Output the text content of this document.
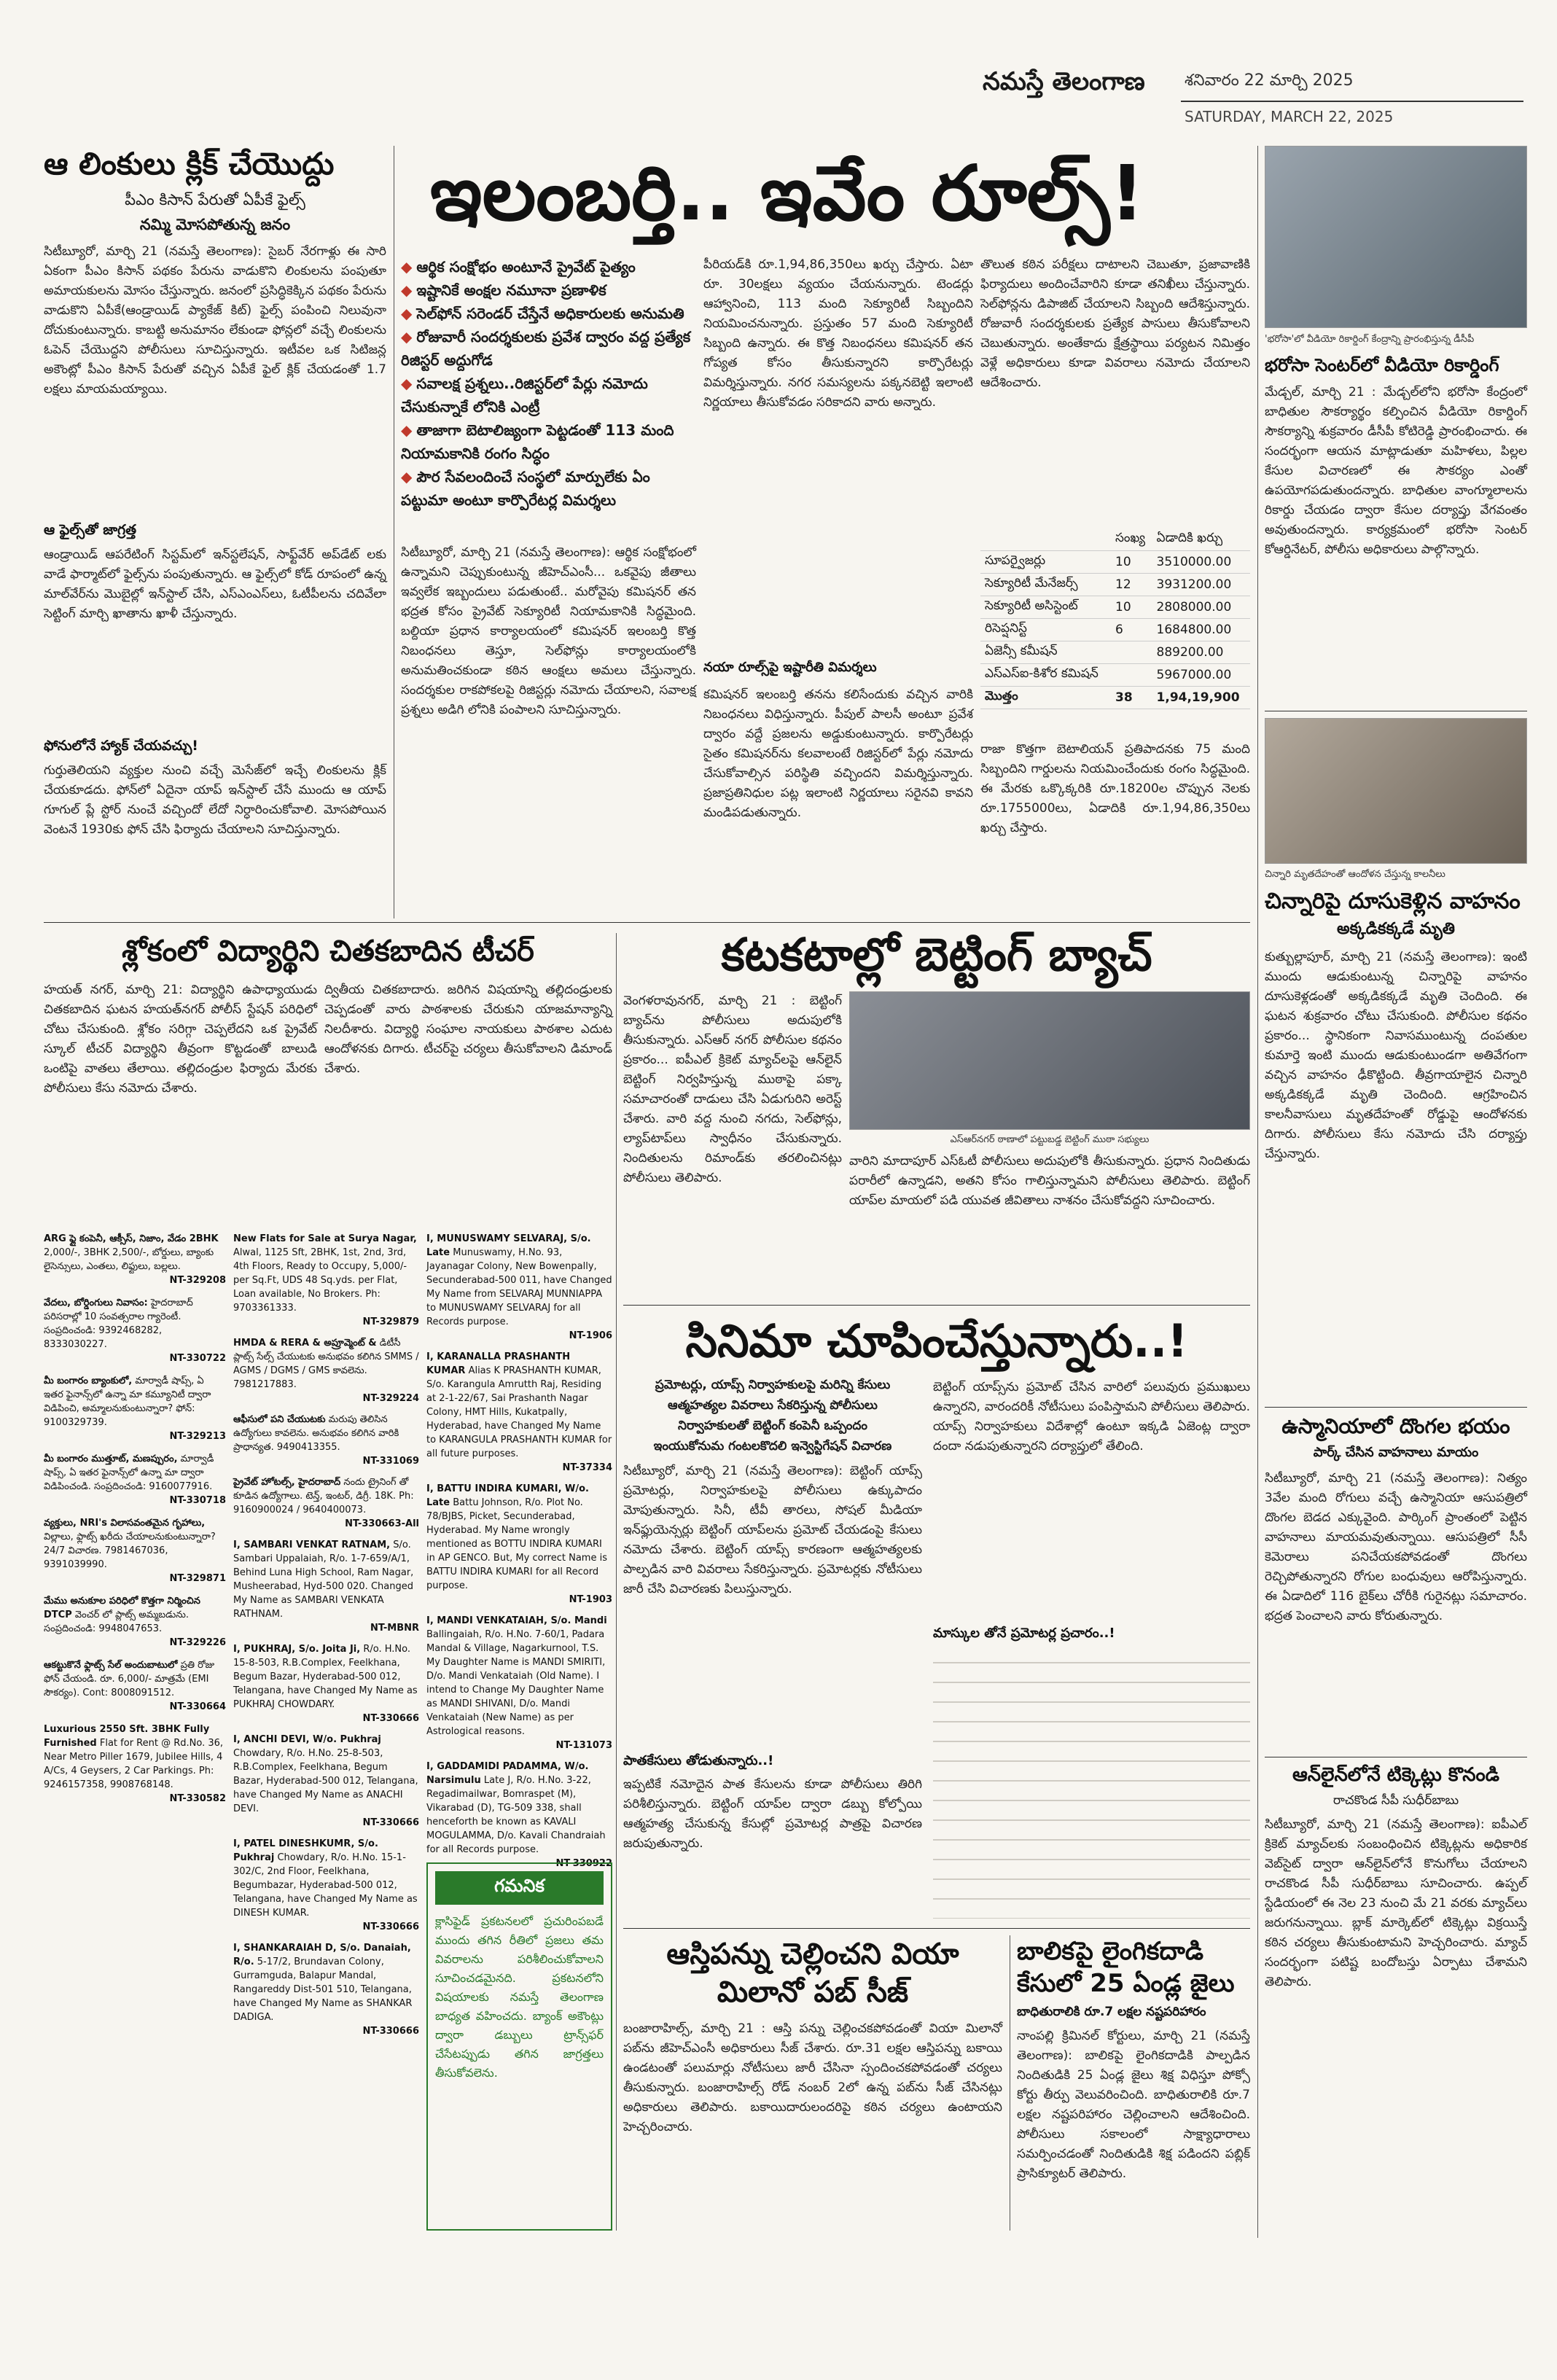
నమస్తే తెలంగాణ శనివారం 22 మార్చి 2025
SATURDAY, MARCH 22, 2025
ఆ లింకులు క్లిక్ చేయొద్దు
పీఎం కిసాన్ పేరుతో ఏపీకే ఫైల్స్
నమ్మి మోసపోతున్న జనం
సిటీబ్యూరో, మార్చి 21 (నమస్తే తెలంగాణ): సైబర్ నేరగాళ్లు ఈ సారి ఏకంగా పీఎం కిసాన్ పథకం పేరును వాడుకొని లింకులను పంపుతూ అమాయకులను మోసం చేస్తున్నారు. జనంలో ప్రసిద్ధికెక్కిన పథకం పేరును వాడుకొని ఏపీకే(ఆండ్రాయిడ్ ప్యాకేజ్ కిట్) ఫైల్స్ పంపించి నిలువునా దోచుకుంటున్నారు. కాబట్టి అనుమానం లేకుండా ఫోన్లలో వచ్చే లింకులను ఓపెన్ చేయొద్దని పోలీసులు సూచిస్తున్నారు. ఇటీవల ఒక సిటిజన్ల అకౌంట్లో పీఎం కిసాన్ పేరుతో వచ్చిన ఏపీకే ఫైల్ క్లిక్ చేయడంతో 1.7 లక్షలు మాయమయ్యాయి.
ఆ ఫైల్స్‌తో జాగ్రత్త
ఆండ్రాయిడ్ ఆపరేటింగ్ సిస్టమ్‌లో ఇన్‌స్టలేషన్, సాఫ్ట్‌వేర్ అప్‌డేట్ లకు వాడే ఫార్మాట్‌లో ఫైల్స్‌ను పంపుతున్నారు. ఆ ఫైల్స్‌లో కోడ్ రూపంలో ఉన్న మాల్‌వేర్‌ను మొబైల్లో ఇన్‌స్టాల్ చేసి, ఎస్ఎంఎస్‌లు, ఓటీపీలను చదివేలా సెట్టింగ్ మార్చి ఖాతాను ఖాళీ చేస్తున్నారు.
ఫోనులోనే హ్యాక్ చేయవచ్చు!
గుర్తుతెలియని వ్యక్తుల నుంచి వచ్చే మెసేజ్‌లో ఇచ్చే లింకులను క్లిక్ చేయకూడదు. ఫోన్‌లో ఏదైనా యాప్ ఇన్‌స్టాల్ చేసే ముందు ఆ యాప్ గూగుల్ ప్లే స్టోర్ నుంచే వచ్చిందో లేదో నిర్ధారించుకోవాలి. మోసపోయిన వెంటనే 1930కు ఫోన్ చేసి ఫిర్యాదు చేయాలని సూచిస్తున్నారు.
ఇలంబర్తి.. ఇవేం రూల్స్!
◆ ఆర్థిక సంక్షోభం అంటూనే ప్రైవేట్ పైత్యం
◆ ఇష్టానికే అంక్షల నమూనా ప్రణాళిక
◆ సెల్‌ఫోన్ సరెండర్ చేస్తేనే అధికారులకు అనుమతి
◆ రోజువారీ సందర్శకులకు ప్రవేశ ద్వారం వద్ద ప్రత్యేక రిజిస్టర్ అద్దుగోడ
◆ సవాలక్ష ప్రశ్నలు..రిజిస్టర్‌లో పేర్లు నమోదు చేసుకున్నాకే లోనికి ఎంట్రీ
◆ తాజాగా బెటాలిజ్యంగా పెట్టడంతో 113 మంది నియామకానికి రంగం సిద్ధం
◆ పౌర సేవలందించే సంస్థలో మార్పులేకు ఏం పట్టుమా అంటూ కార్పొరేటర్ల విమర్శలు
సిటీబ్యూరో, మార్చి 21 (నమస్తే తెలంగాణ): ఆర్థిక సంక్షోభంలో ఉన్నామని చెప్పుకుంటున్న జీహెచ్‌ఎంసీ... ఒకవైపు జీతాలు ఇవ్వలేక ఇబ్బందులు పడుతుంటే.. మరోవైపు కమిషనర్ తన భద్రత కోసం ప్రైవేట్ సెక్యూరిటీ నియామకానికి సిద్ధమైంది. బల్దియా ప్రధాన కార్యాలయంలో కమిషనర్ ఇలంబర్తి కొత్త నిబంధనలు తెస్తూ, సెల్‌ఫోన్లు కార్యాలయంలోకి అనుమతించకుండా కఠిన ఆంక్షలు అమలు చేస్తున్నారు. సందర్శకుల రాకపోకలపై రిజిస్టర్లు నమోదు చేయాలని, సవాలక్ష ప్రశ్నలు అడిగి లోనికి పంపాలని సూచిస్తున్నారు.
పీరియడ్‌కి రూ.1,94,86,350లు ఖర్చు చేస్తారు. ఏటా రూ. 30లక్షలు వ్యయం చేయనున్నారు. టెండర్లు ఆహ్వానించి, 113 మంది సెక్యూరిటీ సిబ్బందిని నియమించనున్నారు. ప్రస్తుతం 57 మంది సెక్యూరిటీ సిబ్బంది ఉన్నారు. ఈ కొత్త నిబంధనలు కమిషనర్ తన గోప్యత కోసం తీసుకున్నారని కార్పొరేటర్లు విమర్శిస్తున్నారు. నగర సమస్యలను పక్కనబెట్టి ఇలాంటి నిర్ణయాలు తీసుకోవడం సరికాదని వారు అన్నారు.
నయా రూల్స్‌పై ఇష్టారీతి విమర్శలు
కమిషనర్ ఇలంబర్తి తనను కలిసేందుకు వచ్చిన వారికి నిబంధనలు విధిస్తున్నారు. పీపుల్ పాలసీ అంటూ ప్రవేశ ద్వారం వద్దే ప్రజలను అడ్డుకుంటున్నారు. కార్పొరేటర్లు సైతం కమిషనర్‌ను కలవాలంటే రిజిస్టర్‌లో పేర్లు నమోదు చేసుకోవాల్సిన పరిస్థితి వచ్చిందని విమర్శిస్తున్నారు. ప్రజాప్రతినిధుల పట్ల ఇలాంటి నిర్ణయాలు సరైనవి కావని మండిపడుతున్నారు.
తొలుత కఠిన పరీక్షలు దాటాలని చెబుతూ, ప్రజావాణికి ఫిర్యాదులు అందించేవారిని కూడా తనిఖీలు చేస్తున్నారు. సెల్‌ఫోన్లను డిపాజిట్ చేయాలని సిబ్బంది ఆదేశిస్తున్నారు. రోజువారీ సందర్శకులకు ప్రత్యేక పాసులు తీసుకోవాలని చెబుతున్నారు. అంతేకాదు క్షేత్రస్థాయి పర్యటన నిమిత్తం వెళ్లే అధికారులు కూడా వివరాలు నమోదు చేయాలని ఆదేశించారు.
	సంఖ్య	ఏడాదికి ఖర్చు
సూపర్వైజర్లు	10	3510000.00
సెక్యూరిటీ మేనేజర్స్	12	3931200.00
సెక్యూరిటీ అసిస్టెంట్	10	2808000.00
రిసెప్షనిస్ట్	6	1684800.00
ఏజెన్సీ కమీషన్		889200.00
ఎస్ఎస్ఐ-కిశోర కమిషన్		5967000.00
మొత్తం	38	1,94,19,900
రాజా కొత్తగా బెటాలియన్ ప్రతిపాదనకు 75 మంది సిబ్బందిని గార్డులను నియమించేందుకు రంగం సిద్ధమైంది. ఈ మేరకు ఒక్కొక్కరికి రూ.18200ల చొప్పున నెలకు రూ.1755000లు, ఏడాదికి రూ.1,94,86,350లు ఖర్చు చేస్తారు.
'భరోసా'లో వీడియో రికార్డింగ్ కేంద్రాన్ని ప్రారంభిస్తున్న డీసీపీ
భరోసా సెంటర్‌లో వీడియో రికార్డింగ్
మేడ్చల్, మార్చి 21 : మేడ్చల్‌లోని భరోసా కేంద్రంలో బాధితుల సౌకర్యార్థం కల్పించిన వీడియో రికార్డింగ్ సౌకర్యాన్ని శుక్రవారం డీసీపీ కోటిరెడ్డి ప్రారంభించారు. ఈ సందర్భంగా ఆయన మాట్లాడుతూ మహిళలు, పిల్లల కేసుల విచారణలో ఈ సౌకర్యం ఎంతో ఉపయోగపడుతుందన్నారు. బాధితుల వాంగ్మూలాలను రికార్డు చేయడం ద్వారా కేసుల దర్యాప్తు వేగవంతం అవుతుందన్నారు. కార్యక్రమంలో భరోసా సెంటర్ కోఆర్డినేటర్, పోలీసు అధికారులు పాల్గొన్నారు.
చిన్నారి మృతదేహంతో ఆందోళన చేస్తున్న కాలనీలు
చిన్నారిపై దూసుకెళ్లిన వాహనం
అక్కడికక్కడే మృతి
కుత్బుల్లాపూర్, మార్చి 21 (నమస్తే తెలంగాణ): ఇంటి ముందు ఆడుకుంటున్న చిన్నారిపై వాహనం దూసుకెళ్లడంతో అక్కడికక్కడే మృతి చెందింది. ఈ ఘటన శుక్రవారం చోటు చేసుకుంది. పోలీసుల కథనం ప్రకారం... స్థానికంగా నివాసముంటున్న దంపతుల కుమార్తె ఇంటి ముందు ఆడుకుంటుండగా అతివేగంగా వచ్చిన వాహనం ఢీకొట్టింది. తీవ్రగాయాలైన చిన్నారి అక్కడికక్కడే మృతి చెందింది. ఆగ్రహించిన కాలనీవాసులు మృతదేహంతో రోడ్డుపై ఆందోళనకు దిగారు. పోలీసులు కేసు నమోదు చేసి దర్యాప్తు చేస్తున్నారు.
ఉస్మానియాలో దొంగల భయం
పార్క్ చేసిన వాహనాలు మాయం
సిటీబ్యూరో, మార్చి 21 (నమస్తే తెలంగాణ): నిత్యం 3వేల మంది రోగులు వచ్చే ఉస్మానియా ఆసుపత్రిలో దొంగల బెడద ఎక్కువైంది. పార్కింగ్ ప్రాంతంలో పెట్టిన వాహనాలు మాయమవుతున్నాయి. ఆసుపత్రిలో సీసీ కెమెరాలు పనిచేయకపోవడంతో దొంగలు రెచ్చిపోతున్నారని రోగుల బంధువులు ఆరోపిస్తున్నారు. ఈ ఏడాదిలో 116 బైక్‌లు చోరీకి గురైనట్లు సమాచారం. భద్రత పెంచాలని వారు కోరుతున్నారు.
ఆన్‌లైన్‌లోనే టిక్కెట్లు కొనండి
రాచకొండ సీపీ సుధీర్‌బాబు
సిటీబ్యూరో, మార్చి 21 (నమస్తే తెలంగాణ): ఐపీఎల్ క్రికెట్ మ్యాచ్‌లకు సంబంధించిన టిక్కెట్లను అధికారిక వెబ్‌సైట్ ద్వారా ఆన్‌లైన్‌లోనే కొనుగోలు చేయాలని రాచకొండ సీపీ సుధీర్‌బాబు సూచించారు. ఉప్పల్ స్టేడియంలో ఈ నెల 23 నుంచి మే 21 వరకు మ్యాచ్‌లు జరుగనున్నాయి. బ్లాక్ మార్కెట్‌లో టిక్కెట్లు విక్రయిస్తే కఠిన చర్యలు తీసుకుంటామని హెచ్చరించారు. మ్యాచ్ సందర్భంగా పటిష్ట బందోబస్తు ఏర్పాటు చేశామని తెలిపారు.
శ్లోకంలో విద్యార్థిని చితకబాదిన టీచర్
హయత్ నగర్, మార్చి 21: విద్యార్థిని ఉపాధ్యాయుడు చితకబాదిన ఘటన హయత్‌నగర్ పోలీస్ స్టేషన్ పరిధిలో చోటు చేసుకుంది. శ్లోకం సరిగ్గా చెప్పలేదని ఒక ప్రైవేట్ స్కూల్ టీచర్ విద్యార్థిని తీవ్రంగా కొట్టడంతో బాలుడి ఒంటిపై వాతలు తేలాయి. తల్లిదండ్రుల ఫిర్యాదు మేరకు పోలీసులు కేసు నమోదు చేశారు.
ద్వితీయ చితకబాదారు. జరిగిన విషయాన్ని తల్లిదండ్రులకు చెప్పడంతో వారు పాఠశాలకు చేరుకుని యాజమాన్యాన్ని నిలదీశారు. విద్యార్థి సంఘాల నాయకులు పాఠశాల ఎదుట ఆందోళనకు దిగారు. టీచర్‌పై చర్యలు తీసుకోవాలని డిమాండ్ చేశారు.
కటకటాల్లో బెట్టింగ్ బ్యాచ్
వెంగళరావునగర్, మార్చి 21 : బెట్టింగ్ బ్యాచ్‌ను పోలీసులు అదుపులోకి తీసుకున్నారు. ఎస్‌ఆర్ నగర్ పోలీసుల కథనం ప్రకారం... ఐపీఎల్ క్రికెట్ మ్యాచ్‌లపై ఆన్‌లైన్ బెట్టింగ్ నిర్వహిస్తున్న ముఠాపై పక్కా సమాచారంతో దాడులు చేసి ఏడుగురిని అరెస్ట్ చేశారు. వారి వద్ద నుంచి నగదు, సెల్‌ఫోన్లు, ల్యాప్‌టాప్‌లు స్వాధీనం చేసుకున్నారు. నిందితులను రిమాండ్‌కు తరలించినట్లు పోలీసులు తెలిపారు.
ఎస్ఆర్‌నగర్ ఠాణాలో పట్టుబడ్డ బెట్టింగ్ ముఠా సభ్యులు
వారిని మాదాపూర్ ఎస్ఓటీ పోలీసులు అదుపులోకి తీసుకున్నారు. ప్రధాన నిందితుడు పరారీలో ఉన్నాడని, అతని కోసం గాలిస్తున్నామని పోలీసులు తెలిపారు. బెట్టింగ్ యాప్‌ల మాయలో పడి యువత జీవితాలు నాశనం చేసుకోవద్దని సూచించారు.
సినిమా చూపించేస్తున్నారు..!
ప్రమోటర్లు, యాప్స్ నిర్వాహకులపై మరిన్ని కేసులు
ఆత్మహత్యల వివరాలు సేకరిస్తున్న పోలీసులు
నిర్వాహకులతో బెట్టింగ్ కంపెనీ ఒప్పందం
ఇంయుకోనుమ గంటలకొదలి ఇన్వెస్టిగేషన్ విచారణ
సిటీబ్యూరో, మార్చి 21 (నమస్తే తెలంగాణ): బెట్టింగ్ యాప్స్ ప్రమోటర్లు, నిర్వాహకులపై పోలీసులు ఉక్కుపాదం మోపుతున్నారు. సినీ, టీవీ తారలు, సోషల్ మీడియా ఇన్‌ఫ్లుయెన్సర్లు బెట్టింగ్ యాప్‌లను ప్రమోట్ చేయడంపై కేసులు నమోదు చేశారు. బెట్టింగ్ యాప్స్ కారణంగా ఆత్మహత్యలకు పాల్పడిన వారి వివరాలు సేకరిస్తున్నారు. ప్రమోటర్లకు నోటీసులు జారీ చేసి విచారణకు పిలుస్తున్నారు.
పాతకేసులు తోడుతున్నారు..!
ఇప్పటికే నమోదైన పాత కేసులను కూడా పోలీసులు తిరిగి పరిశీలిస్తున్నారు. బెట్టింగ్ యాప్‌ల ద్వారా డబ్బు కోల్పోయి ఆత్మహత్య చేసుకున్న కేసుల్లో ప్రమోటర్ల పాత్రపై విచారణ జరుపుతున్నారు.
బెట్టింగ్ యాప్స్‌ను ప్రమోట్ చేసిన వారిలో పలువురు ప్రముఖులు ఉన్నారని, వారందరికీ నోటీసులు పంపిస్తామని పోలీసులు తెలిపారు. యాప్స్ నిర్వాహకులు విదేశాల్లో ఉంటూ ఇక్కడి ఏజెంట్ల ద్వారా దందా నడుపుతున్నారని దర్యాప్తులో తేలింది.
మాస్కుల తోనే ప్రమోటర్ల ప్రచారం..!
ARG ఫ్లై కంపెనీ, ఆక్సీస్, నిజాం, వేడం 2BHK 2,000/-, 3BHK 2,500/-, బోర్డులు, బ్యాంకు లైసెన్సులు, ఎంతలు, లిఫ్టులు, బల్లలు.
NT-329208
వేదలు, బోర్డింగులు నివాసం: హైదరాబాద్ పరిసరాల్లో 10 సంవత్సరాల గ్యారెంటీ. సంప్రదించండి: 9392468282, 8333030227.
NT-330722
మీ బంగారం బ్యాంకులో, మార్వాడీ షాప్స్, ఏ ఇతర ఫైనాన్స్‌లో ఉన్నా మా కమ్యూనిటీ ద్వారా విడిపించి, అమ్మాలనుకుంటున్నారా? ఫోన్: 9100329739.
NT-329213
మీ బంగారం ముత్తూట్, మణప్పురం, మార్వాడీ షాప్స్, ఏ ఇతర ఫైనాన్స్‌లో ఉన్నా మా ద్వారా విడిపించండి. సంప్రదించండి: 9160077916.
NT-330718
వ్యక్తులు, NRI's విలాసవంతమైన గృహాలు, విల్లాలు, ఫ్లాట్స్ ఖరీదు చేయాలనుకుంటున్నారా? 24/7 విచారణ. 7981467036, 9391039990.
NT-329871
మేము అనుకూల పరిధిలో కొత్తగా నిర్మించిన DTCP వెంచర్ లో ప్లాట్స్ అమ్మబడును. సంప్రదించండి: 9948047653.
NT-329226
ఆకట్టుకొనే ఫ్లాట్స్ సేల్ అందుబాటులో ప్రతి రోజు ఫోన్ చేయండి. రూ. 6,000/- మాత్రమే (EMI సౌకర్యం). Cont: 8008091512.
NT-330664
Luxurious 2550 Sft. 3BHK Fully Furnished Flat for Rent @ Rd.No. 36, Near Metro Piller 1679, Jubilee Hills, 4 A/Cs, 4 Geysers, 2 Car Parkings. Ph: 9246157358, 9908768148.
NT-330582
New Flats for Sale at Surya Nagar, Alwal, 1125 Sft, 2BHK, 1st, 2nd, 3rd, 4th Floors, Ready to Occupy, 5,000/- per Sq.Ft, UDS 48 Sq.yds. per Flat, Loan available, No Brokers. Ph: 9703361333.
NT-329879
HMDA & RERA & అప్రూవ్మెంట్ & డిటీసీ ప్లాట్స్ సేల్స్ చేయుటకు అనుభవం కలిగిన SMMS / AGMS / DGMS / GMS కావలెను. 7981217883.
NT-329224
ఆఫీసులో పని చేయుటకు మరుపు తెలిసిన ఉద్యోగులు కావలెను. అనుభవం కలిగిన వారికి ప్రాధాన్యత. 9490413355.
NT-331069
ప్రైవేట్ హోటల్స్, హైదరాబాద్ నందు ట్రైనింగ్ తో కూడిన ఉద్యోగాలు. టెన్త్, ఇంటర్, డిగ్రీ. 18K. Ph: 9160900024 / 9640400073.
NT-330663-All
I, SAMBARI VENKAT RATNAM, S/o. Sambari Uppalaiah, R/o. 1-7-659/A/1, Behind Luna High School, Ram Nagar, Musheerabad, Hyd-500 020. Changed My Name as SAMBARI VENKATA RATHNAM.
NT-MBNR
I, PUKHRAJ, S/o. Joita Ji, R/o. H.No. 15-8-503, R.B.Complex, Feelkhana, Begum Bazar, Hyderabad-500 012, Telangana, have Changed My Name as PUKHRAJ CHOWDARY.
NT-330666
I, ANCHI DEVI, W/o. Pukhraj Chowdary, R/o. H.No. 25-8-503, R.B.Complex, Feelkhana, Begum Bazar, Hyderabad-500 012, Telangana, have Changed My Name as ANACHI DEVI.
NT-330666
I, PATEL DINESHKUMR, S/o. Pukhraj Chowdary, R/o. H.No. 15-1-302/C, 2nd Floor, Feelkhana, Begumbazar, Hyderabad-500 012, Telangana, have Changed My Name as DINESH KUMAR.
NT-330666
I, SHANKARAIAH D, S/o. Danaiah, R/o. 5-17/2, Brundavan Colony, Gurramguda, Balapur Mandal, Rangareddy Dist-501 510, Telangana, have Changed My Name as SHANKAR DADIGA.
NT-330666
I, MUNUSWAMY SELVARAJ, S/o. Late Munuswamy, H.No. 93, Jayanagar Colony, New Bowenpally, Secunderabad-500 011, have Changed My Name from SELVARAJ MUNNIAPPA to MUNUSWAMY SELVARAJ for all Records purpose.
NT-1906
I, KARANALLA PRASHANTH KUMAR Alias K PRASHANTH KUMAR, S/o. Karangula Amrutth Raj, Residing at 2-1-22/67, Sai Prashanth Nagar Colony, HMT Hills, Kukatpally, Hyderabad, have Changed My Name to KARANGULA PRASHANTH KUMAR for all future purposes.
NT-37334
I, BATTU INDIRA KUMARI, W/o. Late Battu Johnson, R/o. Plot No. 78/BJBS, Picket, Secunderabad, Hyderabad. My Name wrongly mentioned as BOTTU INDIRA KUMARI in AP GENCO. But, My correct Name is BATTU INDIRA KUMARI for all Record purpose.
NT-1903
I, MANDI VENKATAIAH, S/o. Mandi Ballingaiah, R/o. H.No. 7-60/1, Padara Mandal & Village, Nagarkurnool, T.S. My Daughter Name is MANDI SMIRITI, D/o. Mandi Venkataiah (Old Name). I intend to Change My Daughter Name as MANDI SHIVANI, D/o. Mandi Venkataiah (New Name) as per Astrological reasons.
NT-131073
I, GADDAMIDI PADAMMA, W/o. Narsimulu Late J, R/o. H.No. 3-22, Regadimailwar, Bomraspet (M), Vikarabad (D), TG-509 338, shall henceforth be known as KAVALI MOGULAMMA, D/o. Kavali Chandraiah for all Records purpose.
NT-330922
గమనిక
క్లాసిఫైడ్ ప్రకటనలలో ప్రచురింపబడే ముందు తగిన రీతిలో ప్రజలు తమ వివరాలను పరిశీలించుకోవాలని సూచించడమైనది. ప్రకటనలోని విషయాలకు నమస్తే తెలంగాణ బాధ్యత వహించదు. బ్యాంక్ అకౌంట్లు ద్వారా డబ్బులు ట్రాన్స్‌ఫర్ చేసేటప్పుడు తగిన జాగ్రత్తలు తీసుకోవలెను.
ఆస్తిపన్ను చెల్లించని వియా మిలానో పబ్ సీజ్
బంజారాహిల్స్, మార్చి 21 : ఆస్తి పన్ను చెల్లించకపోవడంతో వియా మిలానో పబ్‌ను జీహెచ్‌ఎంసీ అధికారులు సీజ్ చేశారు. రూ.31 లక్షల ఆస్తిపన్ను బకాయి ఉండటంతో పలుమార్లు నోటీసులు జారీ చేసినా స్పందించకపోవడంతో చర్యలు తీసుకున్నారు. బంజారాహిల్స్ రోడ్ నంబర్ 2లో ఉన్న పబ్‌ను సీజ్ చేసినట్లు అధికారులు తెలిపారు. బకాయిదారులందరిపై కఠిన చర్యలు ఉంటాయని హెచ్చరించారు.
బాలికపై లైంగికదాడి కేసులో 25 ఏండ్ల జైలు
బాధితురాలికి రూ.7 లక్షల నష్టపరిహారం
నాంపల్లి క్రిమినల్ కోర్టులు, మార్చి 21 (నమస్తే తెలంగాణ): బాలికపై లైంగికదాడికి పాల్పడిన నిందితుడికి 25 ఏండ్ల జైలు శిక్ష విధిస్తూ పోక్సో కోర్టు తీర్పు వెలువరించింది. బాధితురాలికి రూ.7 లక్షల నష్టపరిహారం చెల్లించాలని ఆదేశించింది. పోలీసులు సకాలంలో సాక్ష్యాధారాలు సమర్పించడంతో నిందితుడికి శిక్ష పడిందని పబ్లిక్ ప్రాసిక్యూటర్ తెలిపారు.
